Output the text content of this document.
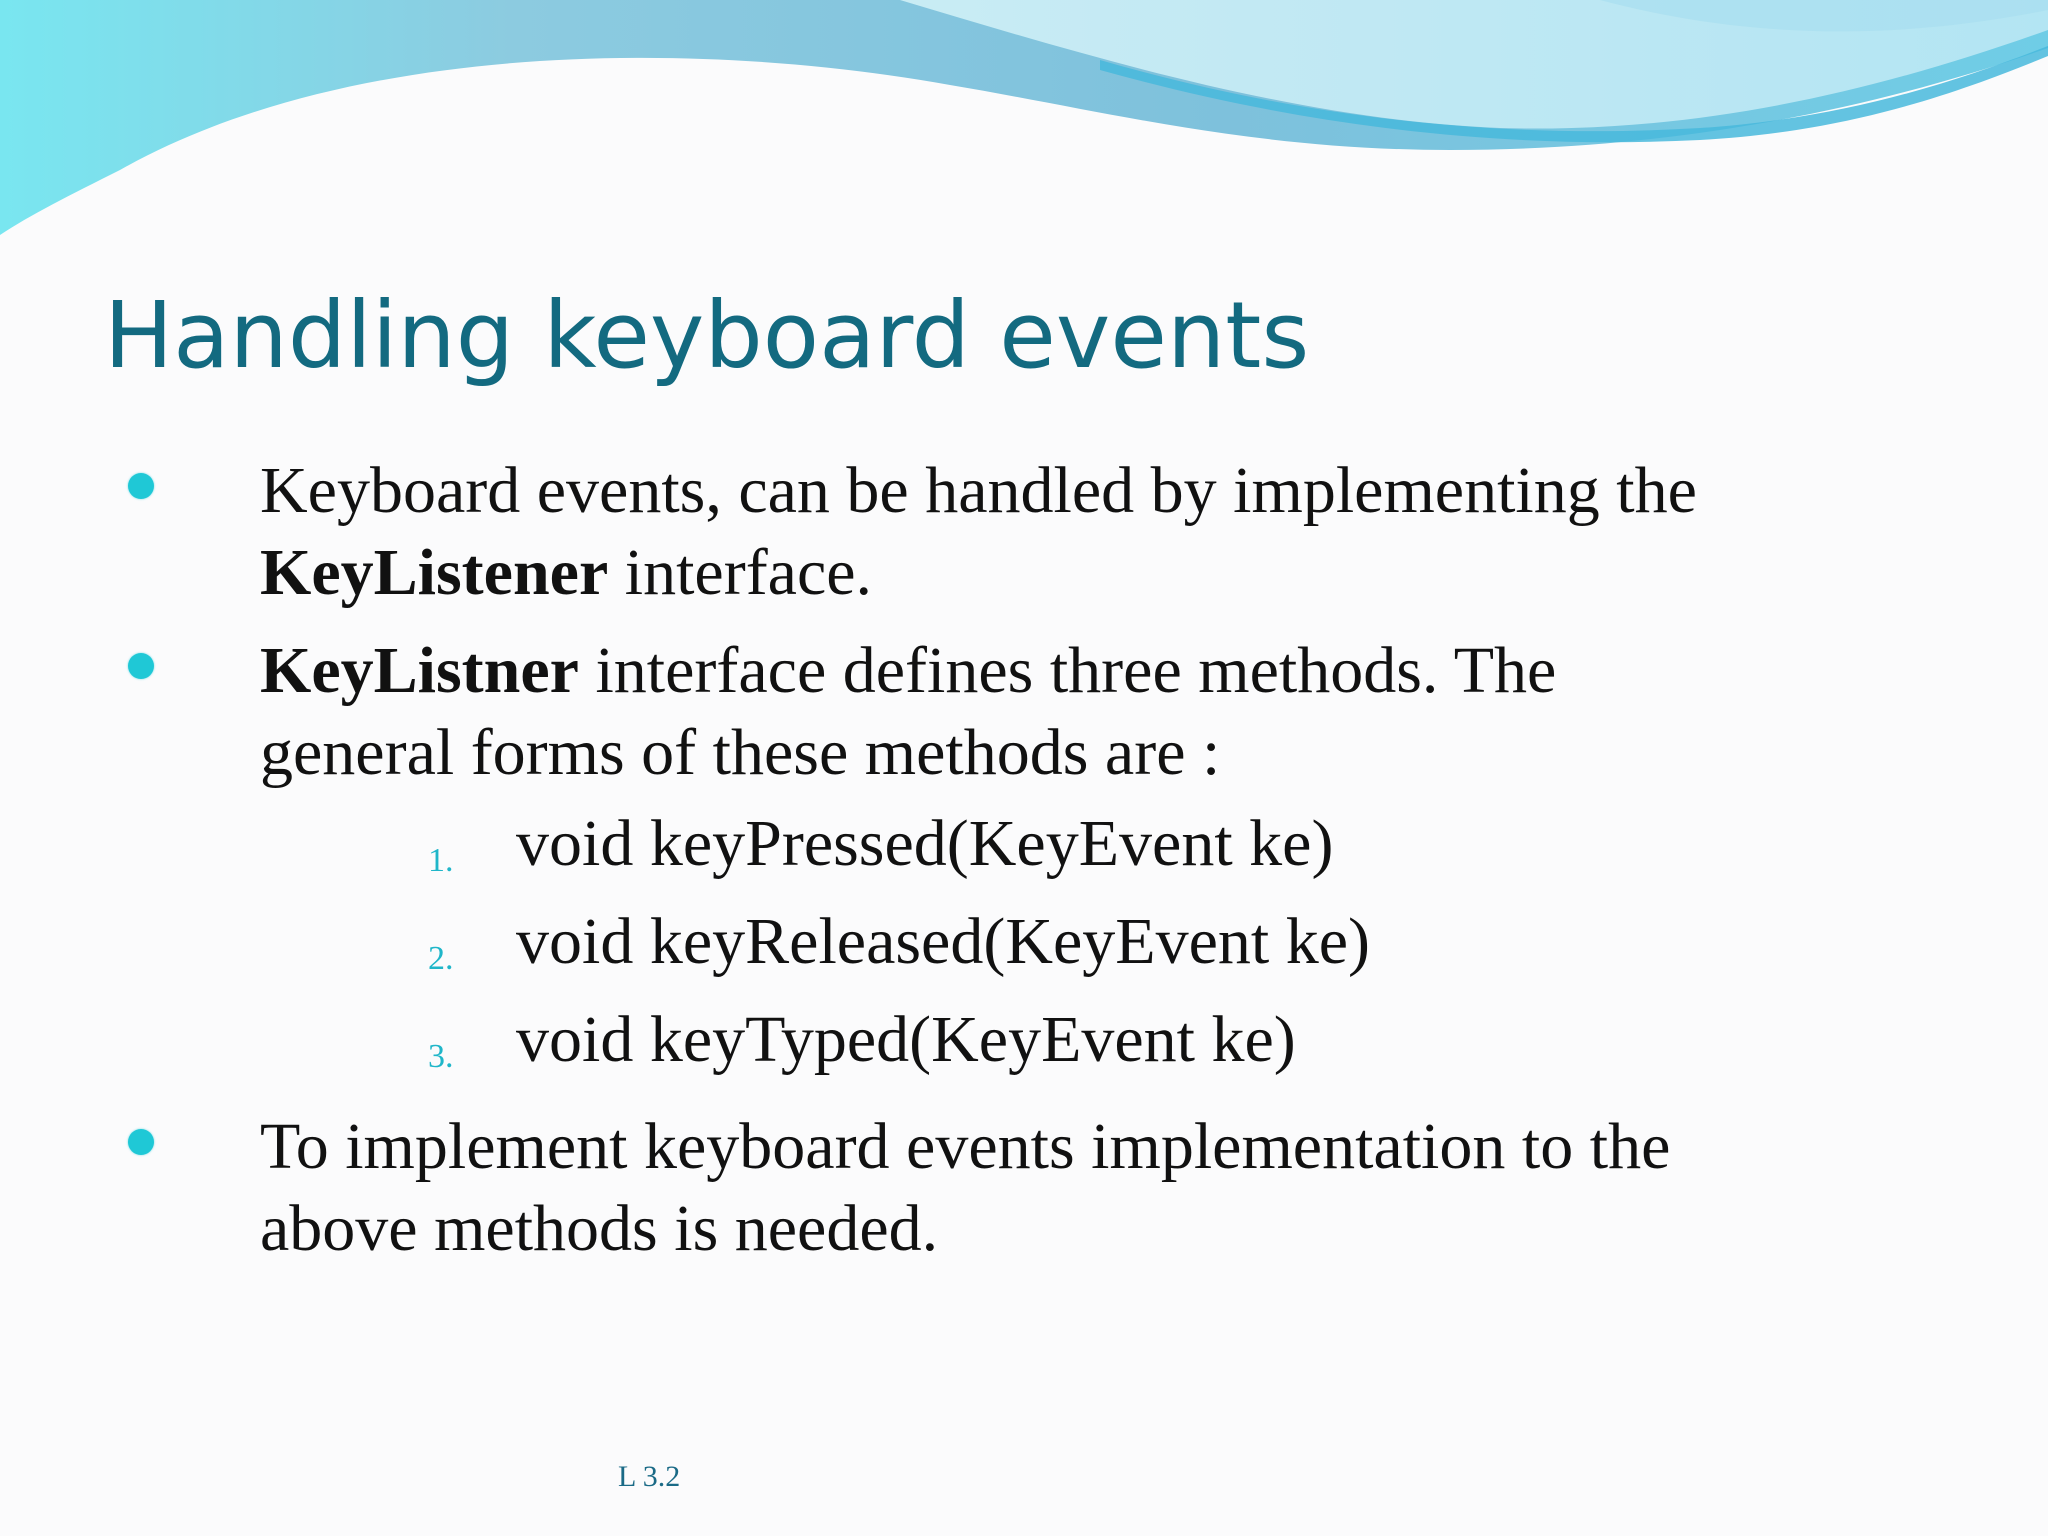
Handling keyboard events
Keyboard events, can be handled by implementing the
KeyListener interface.
KeyListner interface defines three methods. The
general forms of these methods are :
1. void keyPressed(KeyEvent ke)
2. void keyReleased(KeyEvent ke)
3. void keyTyped(KeyEvent ke)
To implement keyboard events implementation to the
above methods is needed.
L 3.2
